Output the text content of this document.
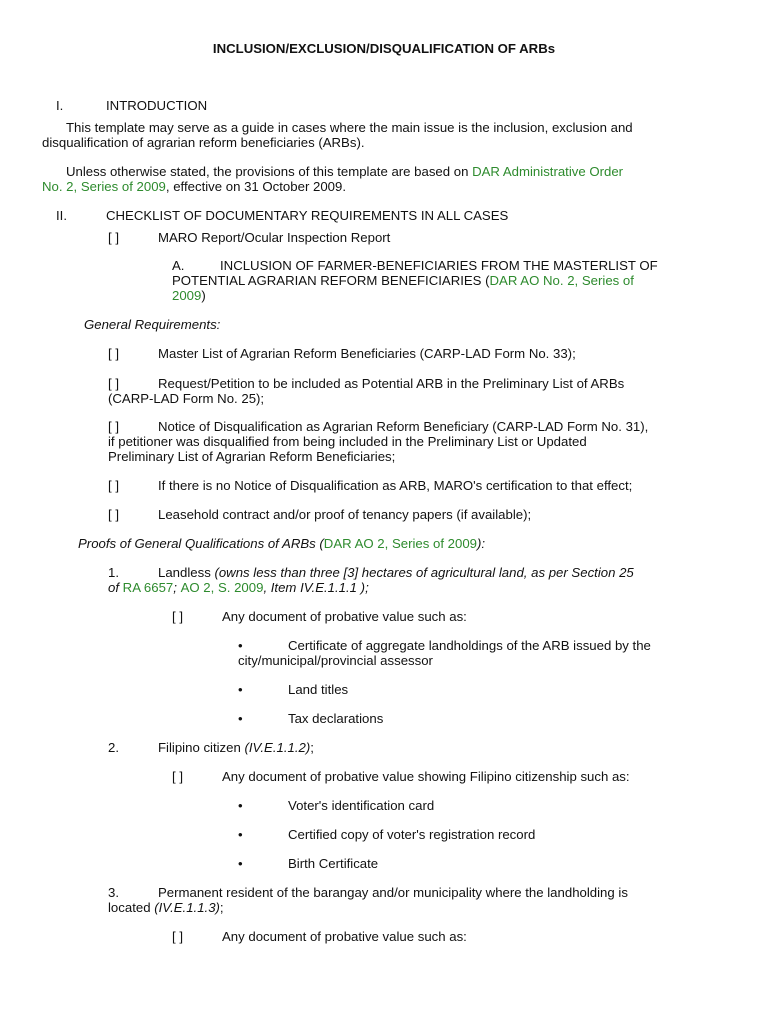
INCLUSION/EXCLUSION/DISQUALIFICATION OF ARBs
I.	INTRODUCTION
This template may serve as a guide in cases where the main issue is the inclusion, exclusion and
disqualification of agrarian reform beneficiaries (ARBs).
Unless otherwise stated, the provisions of this template are based on DAR Administrative Order
No. 2, Series of 2009, effective on 31 October 2009.
II.	CHECKLIST OF DOCUMENTARY REQUIREMENTS IN ALL CASES
[ ]	MARO Report/Ocular Inspection Report
A.	INCLUSION OF FARMER-BENEFICIARIES FROM THE MASTERLIST OF
POTENTIAL AGRARIAN REFORM BENEFICIARIES (DAR AO No. 2, Series of
2009)
General Requirements:
[ ]	Master List of Agrarian Reform Beneficiaries (CARP-LAD Form No. 33);
[ ]	Request/Petition to be included as Potential ARB in the Preliminary List of ARBs
(CARP-LAD Form No. 25);
[ ]	Notice of Disqualification as Agrarian Reform Beneficiary (CARP-LAD Form No. 31),
if petitioner was disqualified from being included in the Preliminary List or Updated
Preliminary List of Agrarian Reform Beneficiaries;
[ ]	If there is no Notice of Disqualification as ARB, MARO's certification to that effect;
[ ]	Leasehold contract and/or proof of tenancy papers (if available);
Proofs of General Qualifications of ARBs (DAR AO 2, Series of 2009):
1.	Landless (owns less than three [3] hectares of agricultural land, as per Section 25
of RA 6657; AO 2, S. 2009, Item IV.E.1.1.1 );
[ ]	Any document of probative value such as:
•	Certificate of aggregate landholdings of the ARB issued by the
city/municipal/provincial assessor
•	Land titles
•	Tax declarations
2.	Filipino citizen (IV.E.1.1.2);
[ ]	Any document of probative value showing Filipino citizenship such as:
•	Voter's identification card
•	Certified copy of voter's registration record
•	Birth Certificate
3.	Permanent resident of the barangay and/or municipality where the landholding is
located (IV.E.1.1.3);
[ ]	Any document of probative value such as:
